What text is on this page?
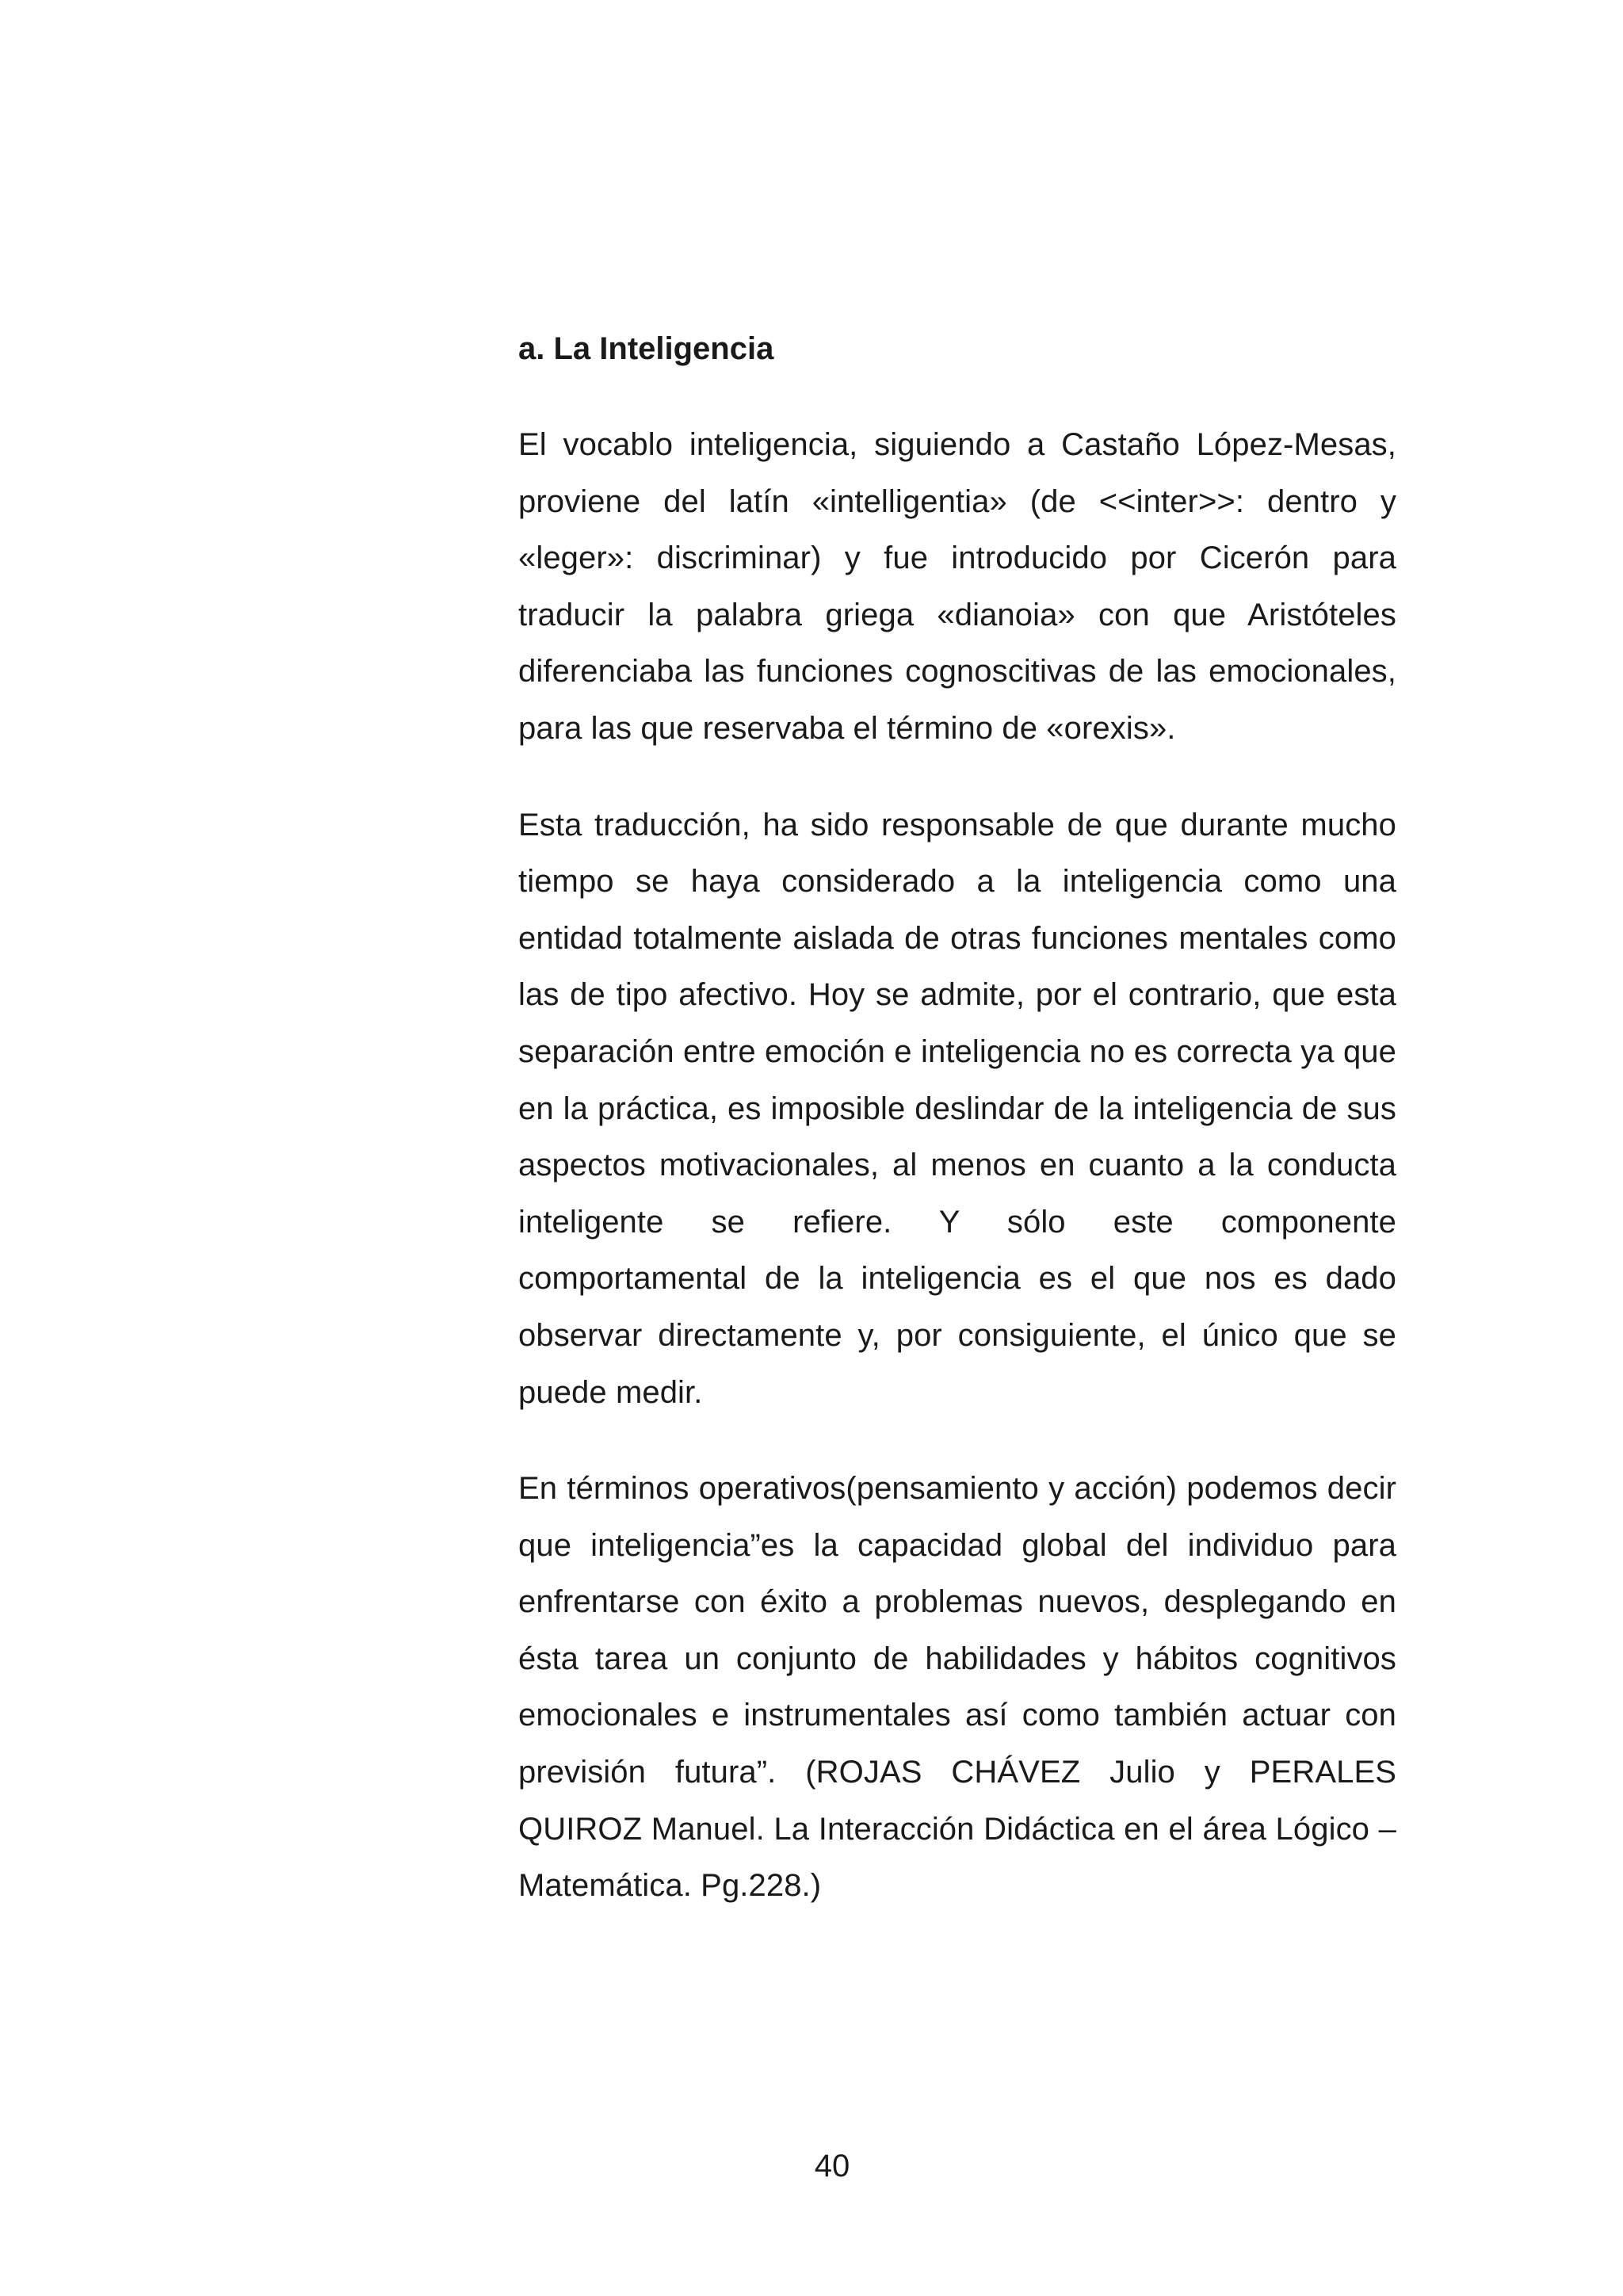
a. La Inteligencia

El vocablo inteligencia, siguiendo a Castaño López-Mesas, proviene del latín «intelligentia» (de <<inter>>: dentro y «leger»: discriminar) y fue introducido por Cicerón para traducir la palabra griega «dianoia» con que Aristóteles diferenciaba las funciones cognoscitivas de las emocionales, para las que reservaba el término de «orexis».

Esta traducción, ha sido responsable de que durante mucho tiempo se haya considerado a la inteligencia como una entidad totalmente aislada de otras funciones mentales como las de tipo afectivo. Hoy se admite, por el contrario, que esta separación entre emoción e inteligencia no es correcta ya que en la práctica, es imposible deslindar de la inteligencia de sus aspectos motivacionales, al menos en cuanto a la conducta inteligente se refiere. Y sólo este componente comportamental de la inteligencia es el que nos es dado observar directamente y, por consiguiente, el único que se puede medir.

En términos operativos(pensamiento y acción) podemos decir que inteligencia”es la capacidad global del individuo para enfrentarse con éxito a problemas nuevos, desplegando en ésta tarea un conjunto de habilidades y hábitos cognitivos emocionales e instrumentales así como también actuar con previsión futura”. (ROJAS CHÁVEZ Julio y PERALES QUIROZ Manuel. La Interacción Didáctica en el área Lógico – Matemática. Pg.228.)

40
